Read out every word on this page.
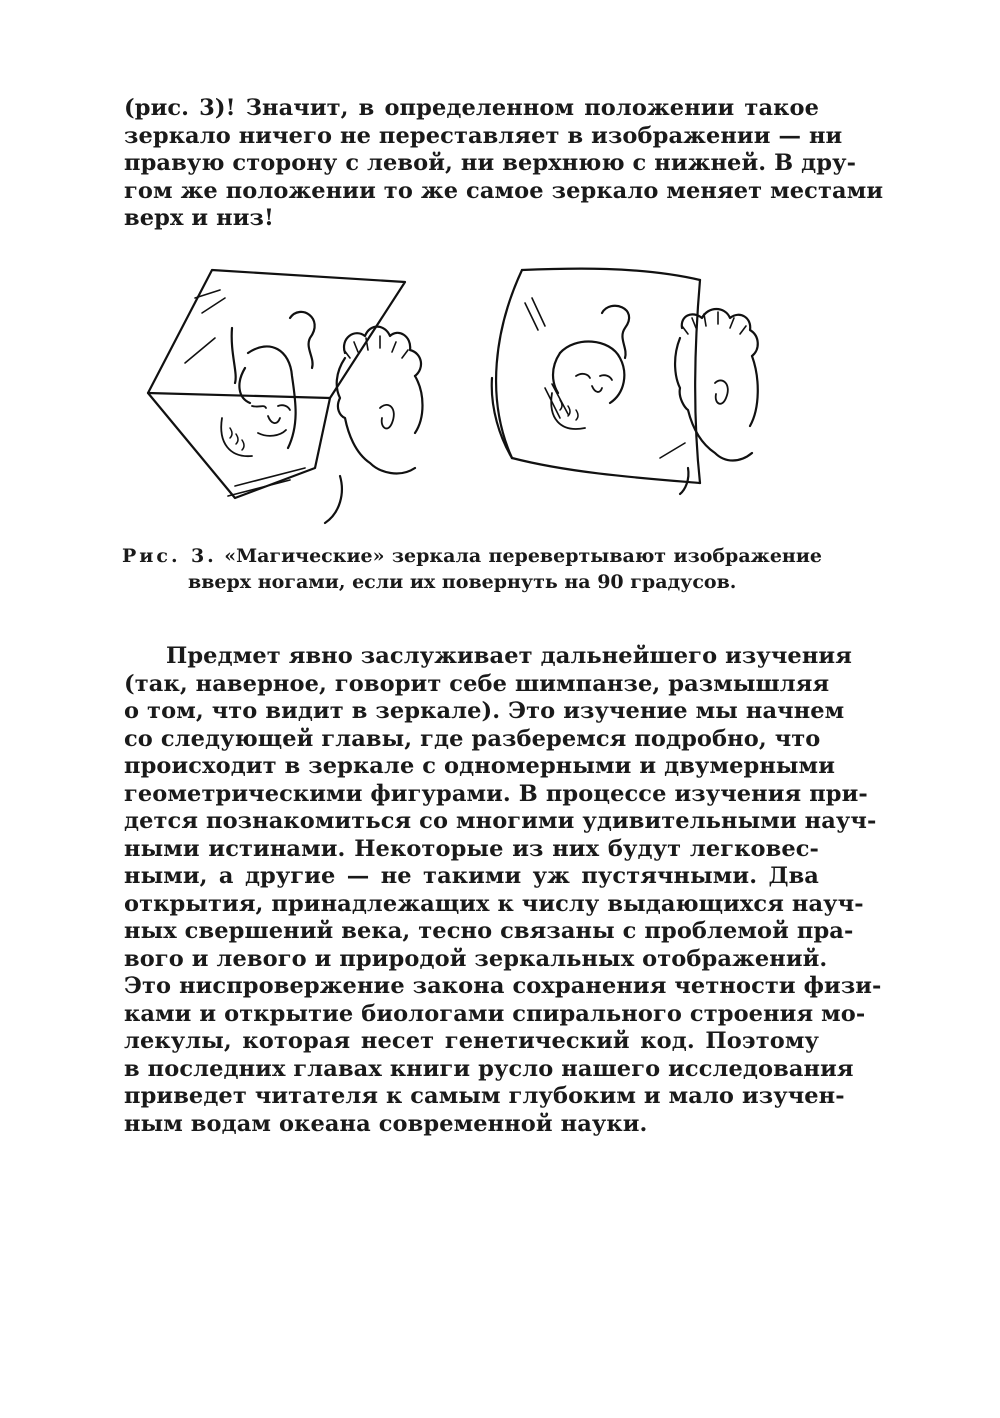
(рис. 3)! Значит, в определенном положении такое
зеркало ничего не переставляет в изображении — ни
правую сторону с левой, ни верхнюю с нижней. В дру-
гом же положении то же самое зеркало меняет местами
верх и низ!
Рис. 3. «Магические» зеркала перевертывают изображение
вверх ногами, если их повернуть на 90 градусов.
Предмет явно заслуживает дальнейшего изучения
(так, наверное, говорит себе шимпанзе, размышляя
о том, что видит в зеркале). Это изучение мы начнем
со следующей главы, где разберемся подробно, что
происходит в зеркале с одномерными и двумерными
геометрическими фигурами. В процессе изучения при-
дется познакомиться со многими удивительными науч-
ными истинами. Некоторые из них будут легковес-
ными, а другие — не такими уж пустячными. Два
открытия, принадлежащих к числу выдающихся науч-
ных свершений века, тесно связаны с проблемой пра-
вого и левого и природой зеркальных отображений.
Это ниспровержение закона сохранения четности физи-
ками и открытие биологами спирального строения мо-
лекулы, которая несет генетический код. Поэтому
в последних главах книги русло нашего исследования
приведет читателя к самым глубоким и мало изучен-
ным водам океана современной науки.
